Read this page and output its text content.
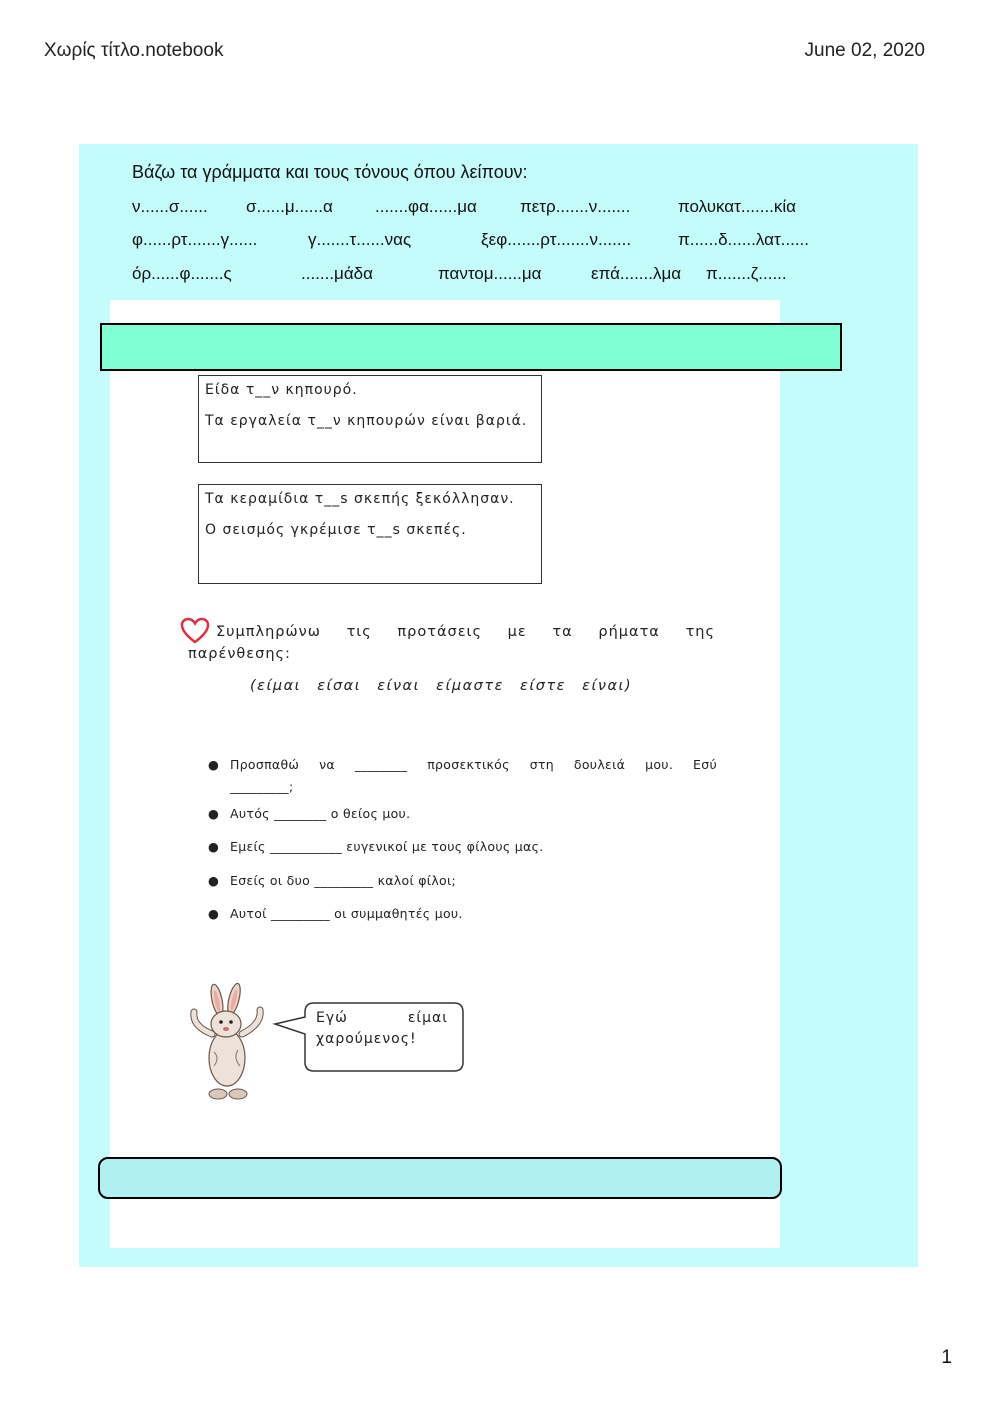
Χωρίς τίτλο.notebook	June 02, 2020
Βάζω τα γράμματα και τους τόνους όπου λείπουν:
ν......σ...... σ......μ......α .......φα......μα	πετρ.......ν.......	πολυκατ.......κία
φ......ρτ.......γ......	γ.......τ......νας	ξεφ.......ρτ.......ν.......	π......δ......λατ......
όρ......φ.......ς	.......μάδα	παντομ......μα	επά.......λμα π.......ζ......

Είδα τ__ν κηπουρό.

Τα εργαλεία τ__ν κηπουρών είναι βαριά.

Τα κεραμίδια τ__s σκεπής ξεκόλλησαν.

Ο σεισμός γκρέμισε τ__s σκεπές.

Συμπληρώνω τις προτάσεις με τα ρήματα της
παρένθεσης:
(είμαι είσαι είναι είμαστε είστε είναι)
● Προσπαθώ να ________ προσεκτικός στη δουλειά μου. Εσύ
_________;
● Αυτός ________ ο θείος μου.
● Εμείς ___________ ευγενικοί με τους φίλους μας.
● Εσείς οι δυο _________ καλοί φίλοι;
● Αυτοί _________ οι συμμαθητές μου.
Εγώ είμαι
χαρούμενος!
1
